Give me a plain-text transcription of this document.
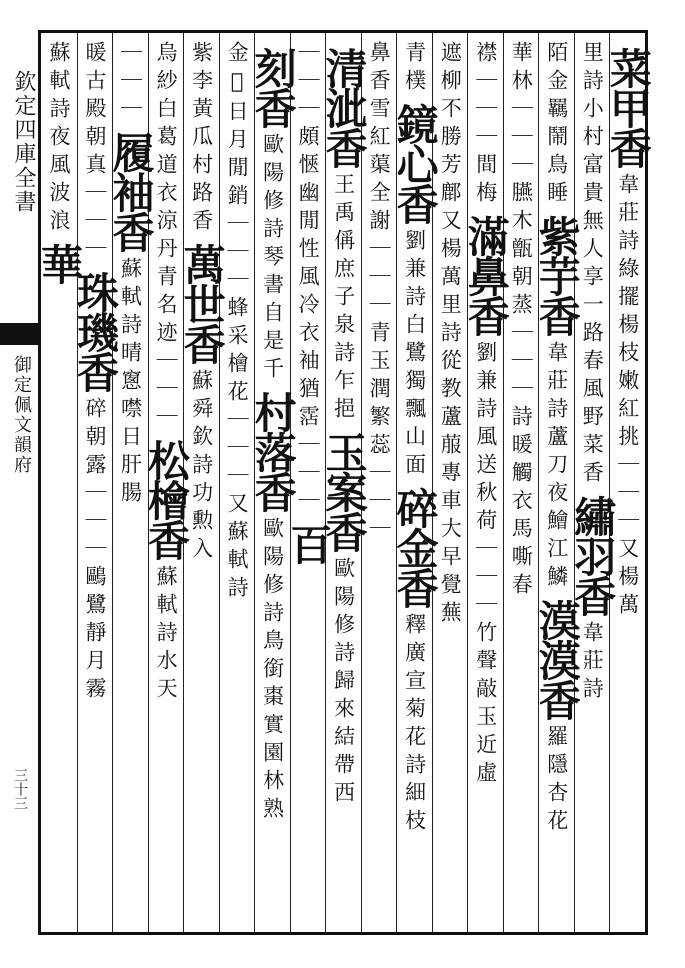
欽定四庫全書
御定佩文韻府
三十三
菜甲香
韋莊詩綠擺楊枝嫩紅挑｜｜｜又楊萬
里詩小村富貴無人享一路春風野菜香
繡羽香
韋莊詩
陌金羈鬧鳥睡
紫芋香
韋莊詩蘆刀夜鱠江鱗
漠漠香
羅隱杏花
華林｜｜｜
臙木甑朝蒸｜｜｜
詩暖觸衣
馬嘶春
襟｜｜｜間梅
滿鼻香
劉兼詩風送秋荷｜｜｜竹聲敲玉近虛
遮柳不勝芳
鄜又楊萬里詩從教蘆菔專車大早覺蕪
青樸
鏡心香
劉兼詩白鷺獨飄山面
碎金香
釋廣宣菊花詩細枝
鼻香
雪紅蕖全謝｜｜｜
青玉潤繁蕊｜｜｜
清泚香
王禹偁庶子泉詩乍挹
玉案香
歐陽修詩歸來結帶西
｜｜｜頗愜幽閒性
風冷衣袖猶霑｜｜｜
百
刻香
歐陽修詩琴書自是千
村落香
歐陽修詩鳥銜棗實園林熟
金𧃭日月閒銷｜｜｜
蜂采檜花｜｜｜又蘇軾詩
紫李黃瓜村路香
萬世香
蘇舜欽詩功勲入
烏紗白葛道衣涼
丹青名迹｜｜｜
松檜香
蘇軾詩水天
｜｜｜
履袖香
蘇軾詩晴窻噤日肝腸
暖古殿朝真｜｜｜
珠璣香
碎朝露｜｜｜
鷗鷺靜月霧
蘇軾詩夜風波浪
華
